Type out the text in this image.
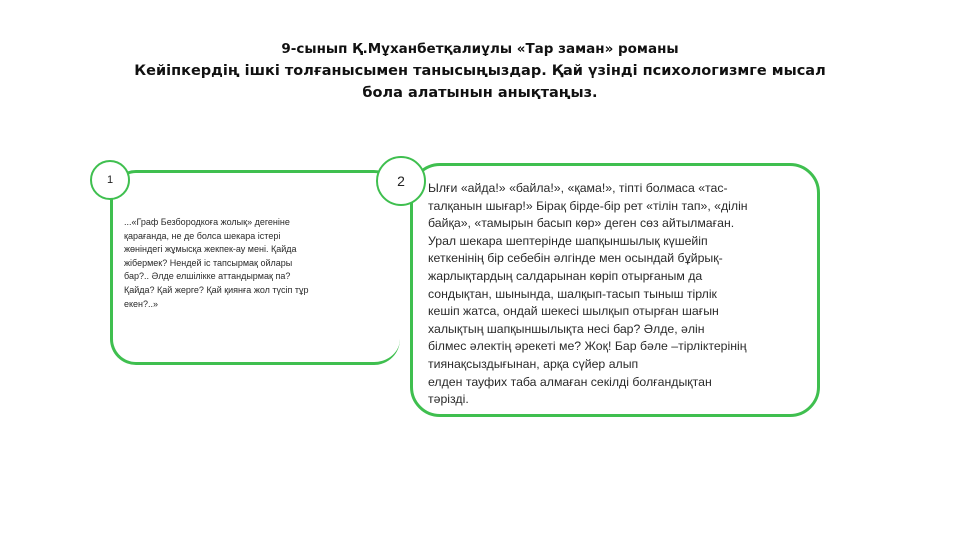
9-сынып Қ.Мұханбетқалиұлы «Тар заман» романы
Кейіпкердің ішкі толғанысымен танысыңыздар. Қай үзінді психологизмге мысал
бола алатынын анықтаңыз.
1
...«Граф Безбородкоға жолық» дегеніне
қарағанда, не де болса шекара істері
жөніндегі жұмысқа жекпек-ау мені. Қайда
жібермек? Нендей іс тапсырмақ ойлары
бар?.. Әлде елшілікке аттандырмақ па?
Қайда? Қай жерге? Қай қиянға жол түсіп тұр
екен?..»
2	Ылғи «айда!» «байла!», «қама!», тіпті болмаса «тас-
талқанын шығар!» Бірақ бірде-бір рет «тілін тап», «ділін
байқа», «тамырын басып көр» деген сөз айтылмаған.
Урал шекара шептерінде шапқыншылық күшейіп
кеткенінің бір себебін әлгінде мен осындай бұйрық-
жарлықтардың салдарынан көріп отырғаным да
сондықтан, шынында, шалқып-тасып тыныш тірлік
кешіп жатса, ондай шекесі шылқып отырған шағын
халықтың шапқыншылықта несі бар? Әлде, әлін
білмес әлектің әрекеті ме? Жоқ! Бар бәле –тірліктерінің
тиянақсыздығынан, арқа сүйер алып
елден тауфих таба алмаған секілді болғандықтан
тәрізді.
